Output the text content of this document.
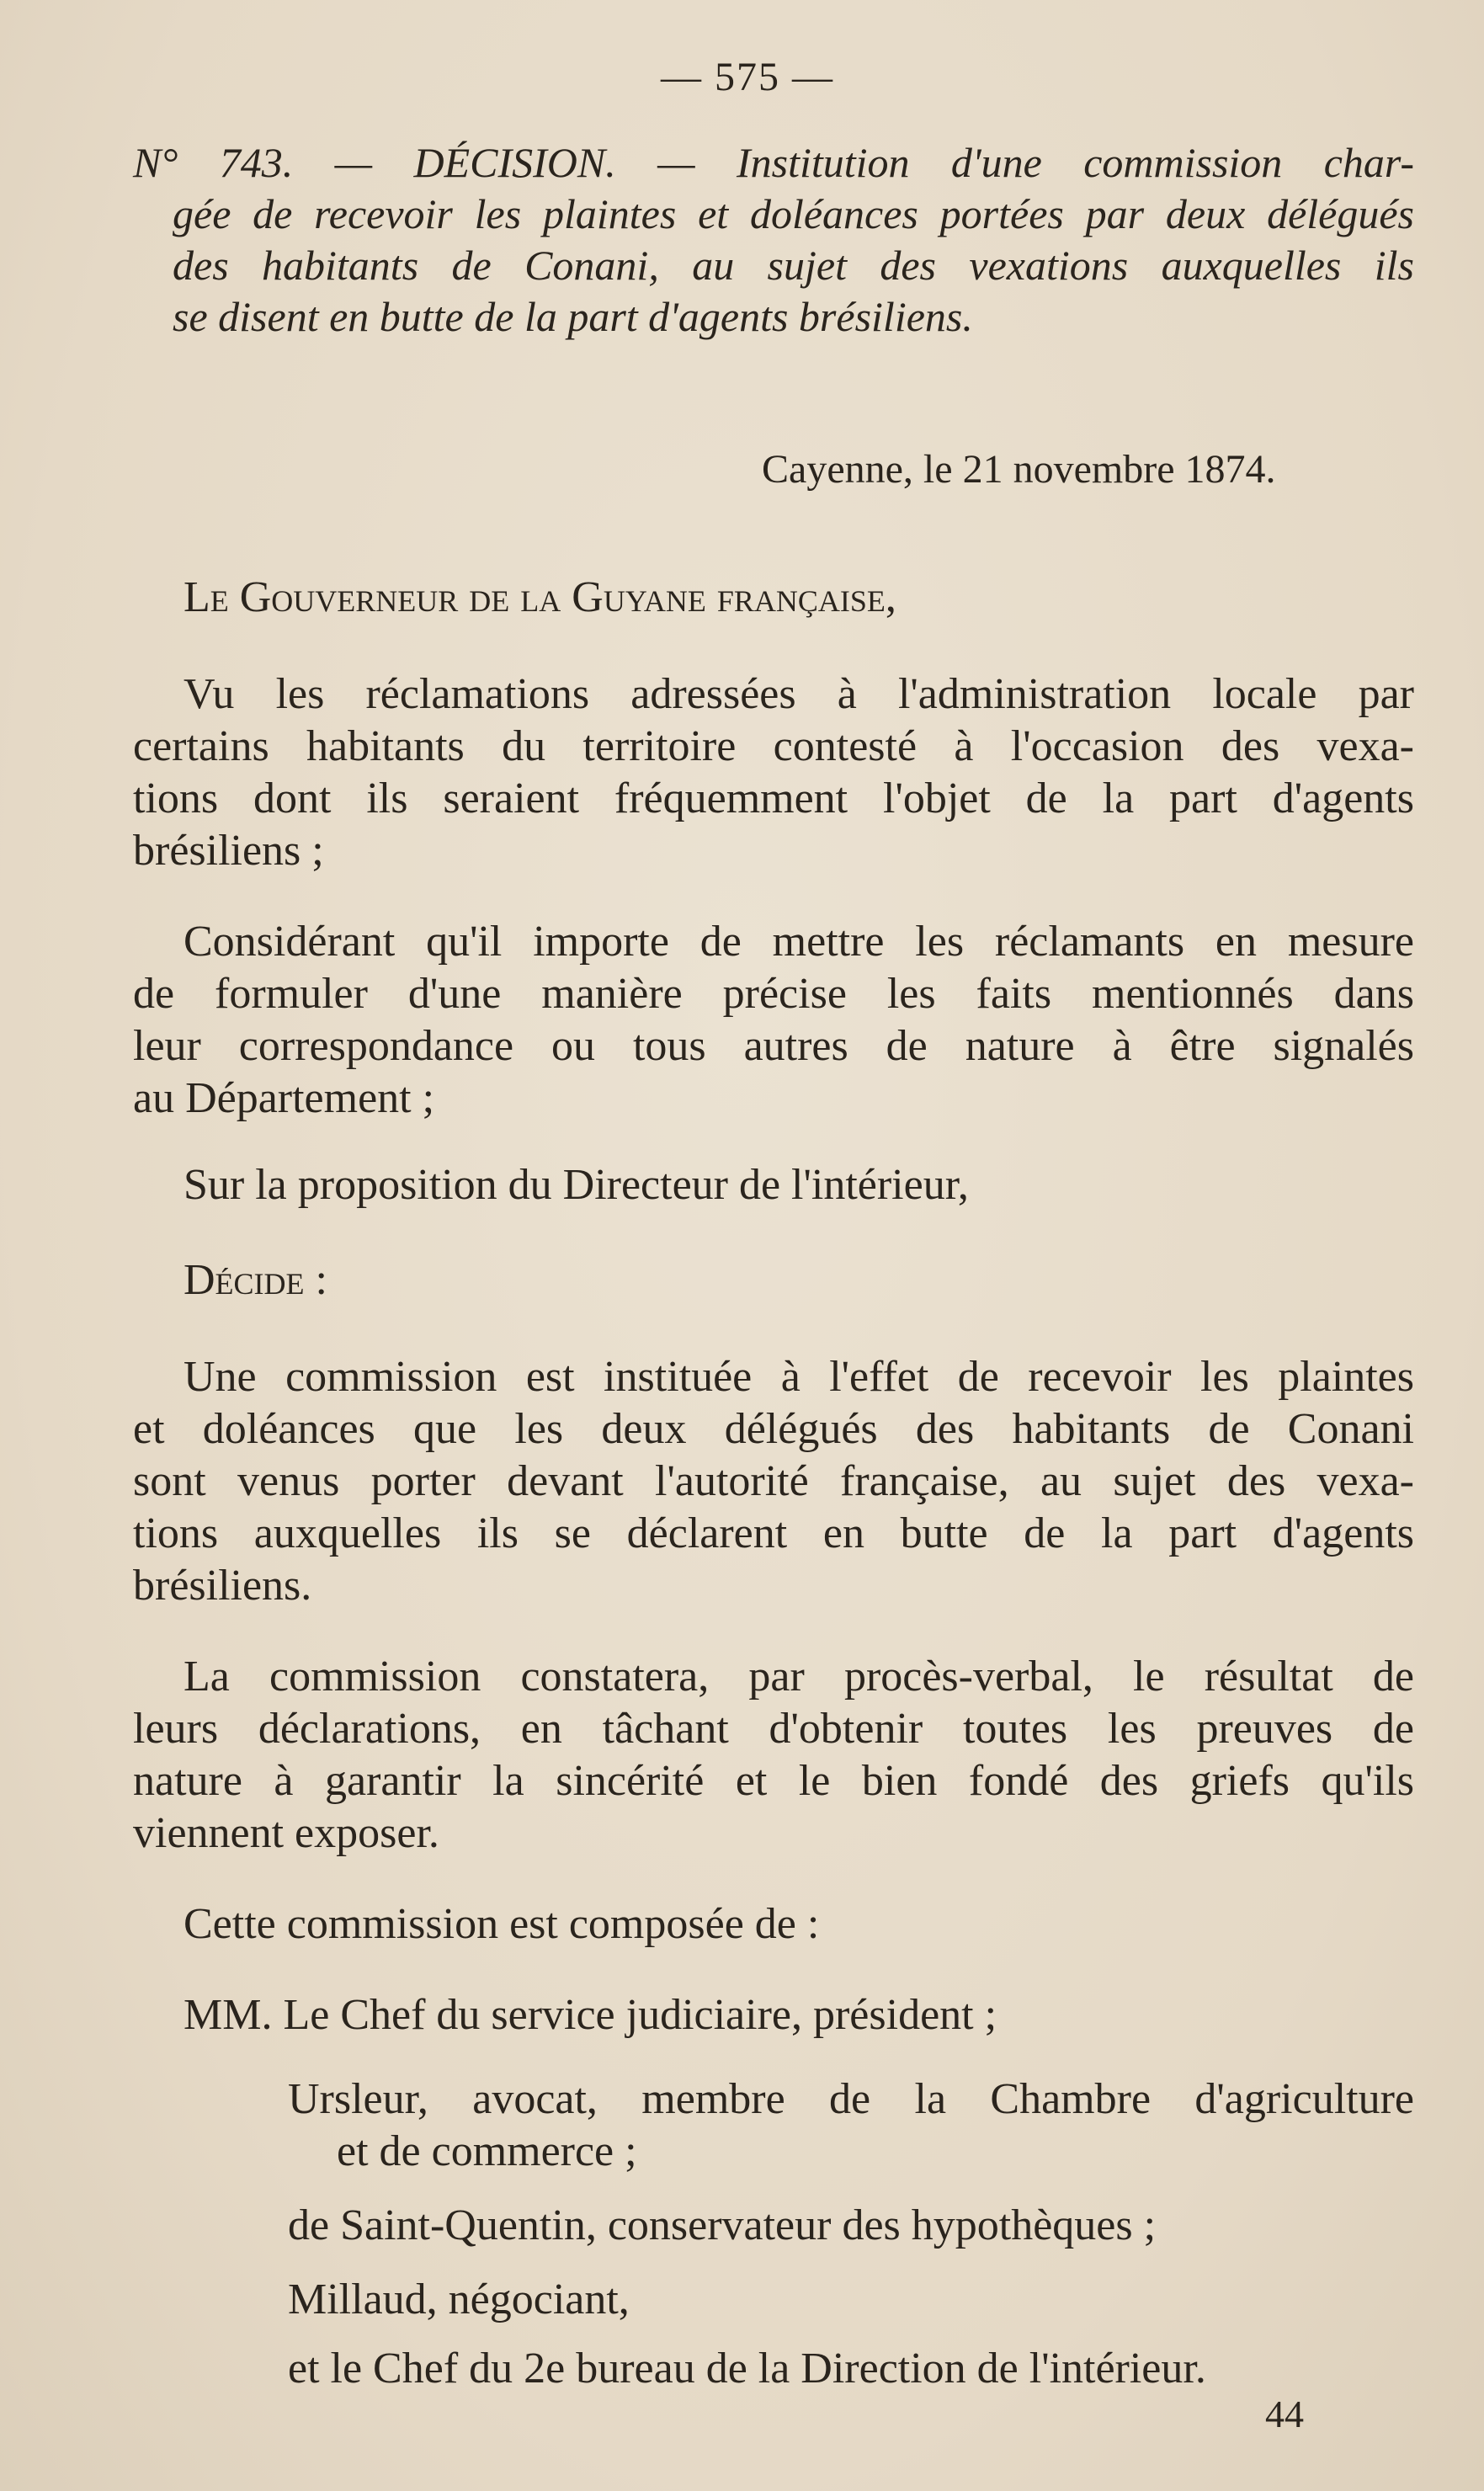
— 575 —
N° 743. — DÉCISION. — Institution d'une commission char-
gée de recevoir les plaintes et doléances portées par deux délégués
des habitants de Conani, au sujet des vexations auxquelles ils
se disent en butte de la part d'agents brésiliens.
Cayenne, le 21 novembre 1874.
Le Gouverneur de la Guyane française,
Vu les réclamations adressées à l'administration locale par
certains habitants du territoire contesté à l'occasion des vexa-
tions dont ils seraient fréquemment l'objet de la part d'agents
brésiliens ;
Considérant qu'il importe de mettre les réclamants en mesure
de formuler d'une manière précise les faits mentionnés dans
leur correspondance ou tous autres de nature à être signalés
au Département ;
Sur la proposition du Directeur de l'intérieur,
Décide :
Une commission est instituée à l'effet de recevoir les plaintes
et doléances que les deux délégués des habitants de Conani
sont venus porter devant l'autorité française, au sujet des vexa-
tions auxquelles ils se déclarent en butte de la part d'agents
brésiliens.
La commission constatera, par procès-verbal, le résultat de
leurs déclarations, en tâchant d'obtenir toutes les preuves de
nature à garantir la sincérité et le bien fondé des griefs qu'ils
viennent exposer.
Cette commission est composée de :
MM. Le Chef du service judiciaire, président ;
Ursleur, avocat, membre de la Chambre d'agriculture
et de commerce ;
de Saint-Quentin, conservateur des hypothèques ;
Millaud, négociant,
et le Chef du 2e bureau de la Direction de l'intérieur.
44
